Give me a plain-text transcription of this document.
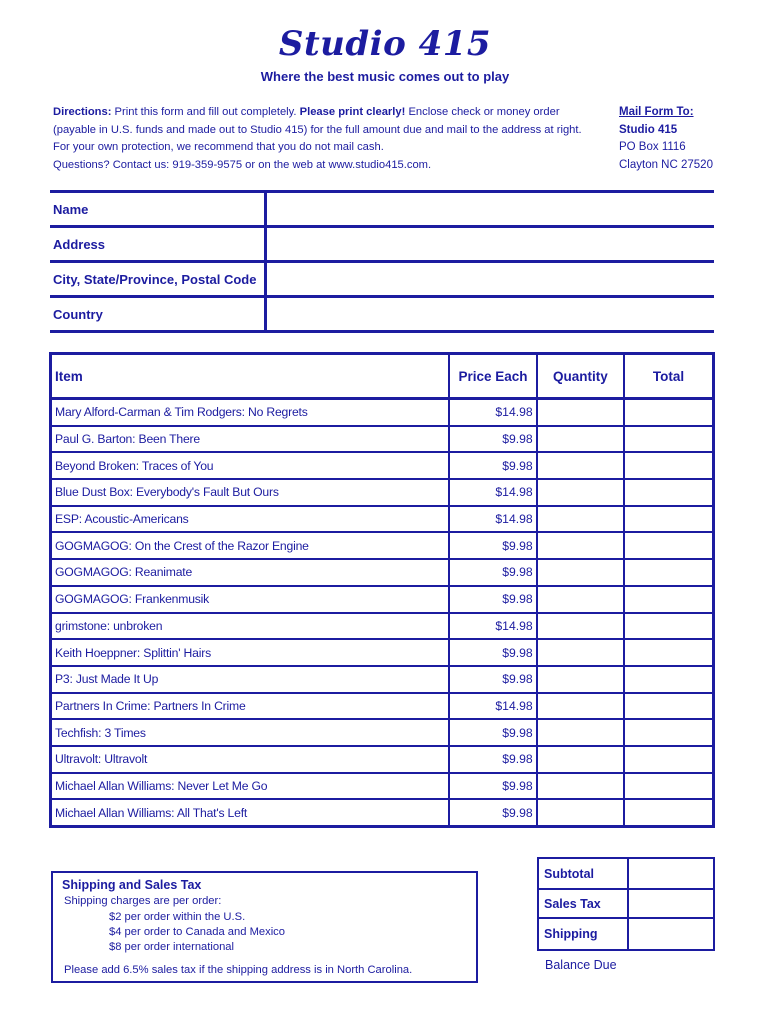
Studio 415
Where the best music comes out to play
Directions: Print this form and fill out completely. Please print clearly! Enclose check or money order (payable in U.S. funds and made out to Studio 415) for the full amount due and mail to the address at right. For your own protection, we recommend that you do not mail cash.
Questions? Contact us: 919-359-9575 or on the web at www.studio415.com.
Mail Form To:
Studio 415
PO Box 1116
Clayton NC 27520
Name
Address
City, State/Province, Postal Code
Country
Item	Price Each	Quantity	Total
Mary Alford-Carman & Tim Rodgers: No Regrets	$14.98		
Paul G. Barton: Been There	$9.98		
Beyond Broken: Traces of You	$9.98		
Blue Dust Box: Everybody's Fault But Ours	$14.98		
ESP: Acoustic-Americans	$14.98		
GOGMAGOG: On the Crest of the Razor Engine	$9.98		
GOGMAGOG: Reanimate	$9.98		
GOGMAGOG: Frankenmusik	$9.98		
grimstone: unbroken	$14.98		
Keith Hoeppner: Splittin' Hairs	$9.98		
P3: Just Made It Up	$9.98		
Partners In Crime: Partners In Crime	$14.98		
Techfish: 3 Times	$9.98		
Ultravolt: Ultravolt	$9.98		
Michael Allan Williams: Never Let Me Go	$9.98		
Michael Allan Williams: All That's Left	$9.98		
Subtotal	
Sales Tax	
Shipping	
Balance Due
Shipping and Sales Tax
Shipping charges are per order:
$2 per order within the U.S.
$4 per order to Canada and Mexico
$8 per order international
Please add 6.5% sales tax if the shipping address is in North Carolina.
